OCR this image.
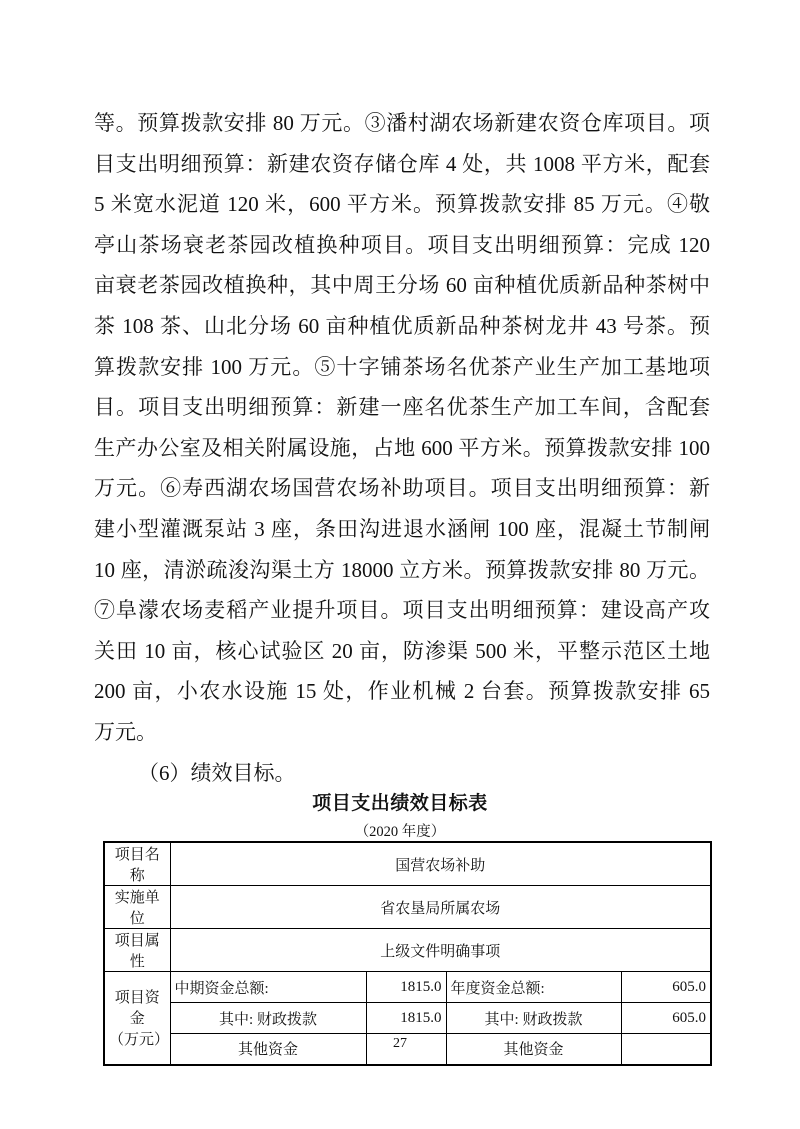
等。预算拨款安排 80 万元。③潘村湖农场新建农资仓库项目。项
目支出明细预算：新建农资存储仓库 4 处，共 1008 平方米，配套
5 米宽水泥道 120 米，600 平方米。预算拨款安排 85 万元。④敬
亭山茶场衰老茶园改植换种项目。项目支出明细预算：完成 120
亩衰老茶园改植换种，其中周王分场 60 亩种植优质新品种茶树中
茶 108 茶、山北分场 60 亩种植优质新品种茶树龙井 43 号茶。预
算拨款安排 100 万元。⑤十字铺茶场名优茶产业生产加工基地项
目。项目支出明细预算：新建一座名优茶生产加工车间，含配套
生产办公室及相关附属设施，占地 600 平方米。预算拨款安排 100
万元。⑥寿西湖农场国营农场补助项目。项目支出明细预算：新
建小型灌溉泵站 3 座，条田沟进退水涵闸 100 座，混凝土节制闸
10 座，清淤疏浚沟渠土方 18000 立方米。预算拨款安排 80 万元。
⑦阜濛农场麦稻产业提升项目。项目支出明细预算：建设高产攻
关田 10 亩，核心试验区 20 亩，防渗渠 500 米，平整示范区土地
200 亩，小农水设施 15 处，作业机械 2 台套。预算拨款安排 65
万元。
（6）绩效目标。
项目支出绩效目标表
（2020 年度）
项目名称	国营农场补助			
实施单位	省农垦局所属农场			
项目属性	上级文件明确事项			

项目资金
（万元）	中期资金总额:	1815.0	年度资金总额:	605.0
	其中: 财政拨款	1815.0	其中: 财政拨款	605.0
	其他资金		其他资金	
27
